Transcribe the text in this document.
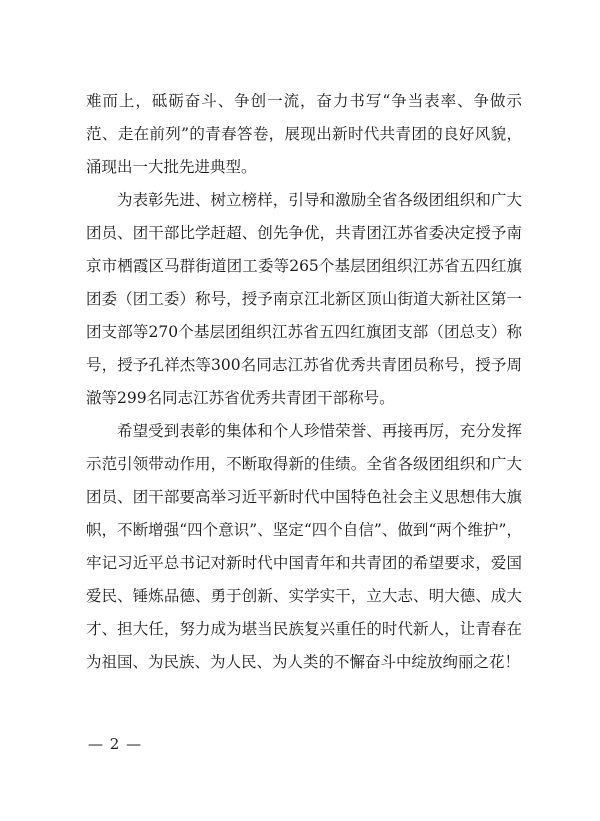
难而上，砥砺奋斗、争创一流，奋力书写“争当表率、争做示范、走在前列”的青春答卷，展现出新时代共青团的良好风貌，涌现出一大批先进典型。

为表彰先进、树立榜样，引导和激励全省各级团组织和广大团员、团干部比学赶超、创先争优，共青团江苏省委决定授予南京市栖霞区马群街道团工委等265个基层团组织江苏省五四红旗团委（团工委）称号，授予南京江北新区顶山街道大新社区第一团支部等270个基层团组织江苏省五四红旗团支部（团总支）称号，授予孔祥杰等300名同志江苏省优秀共青团员称号，授予周澈等299名同志江苏省优秀共青团干部称号。

希望受到表彰的集体和个人珍惜荣誉、再接再厉，充分发挥示范引领带动作用，不断取得新的佳绩。全省各级团组织和广大团员、团干部要高举习近平新时代中国特色社会主义思想伟大旗帜，不断增强“四个意识”、坚定“四个自信”、做到“两个维护”，牢记习近平总书记对新时代中国青年和共青团的希望要求，爱国爱民、锤炼品德、勇于创新、实学实干，立大志、明大德、成大才、担大任，努力成为堪当民族复兴重任的时代新人，让青春在为祖国、为民族、为人民、为人类的不懈奋斗中绽放绚丽之花！

— 2 —
